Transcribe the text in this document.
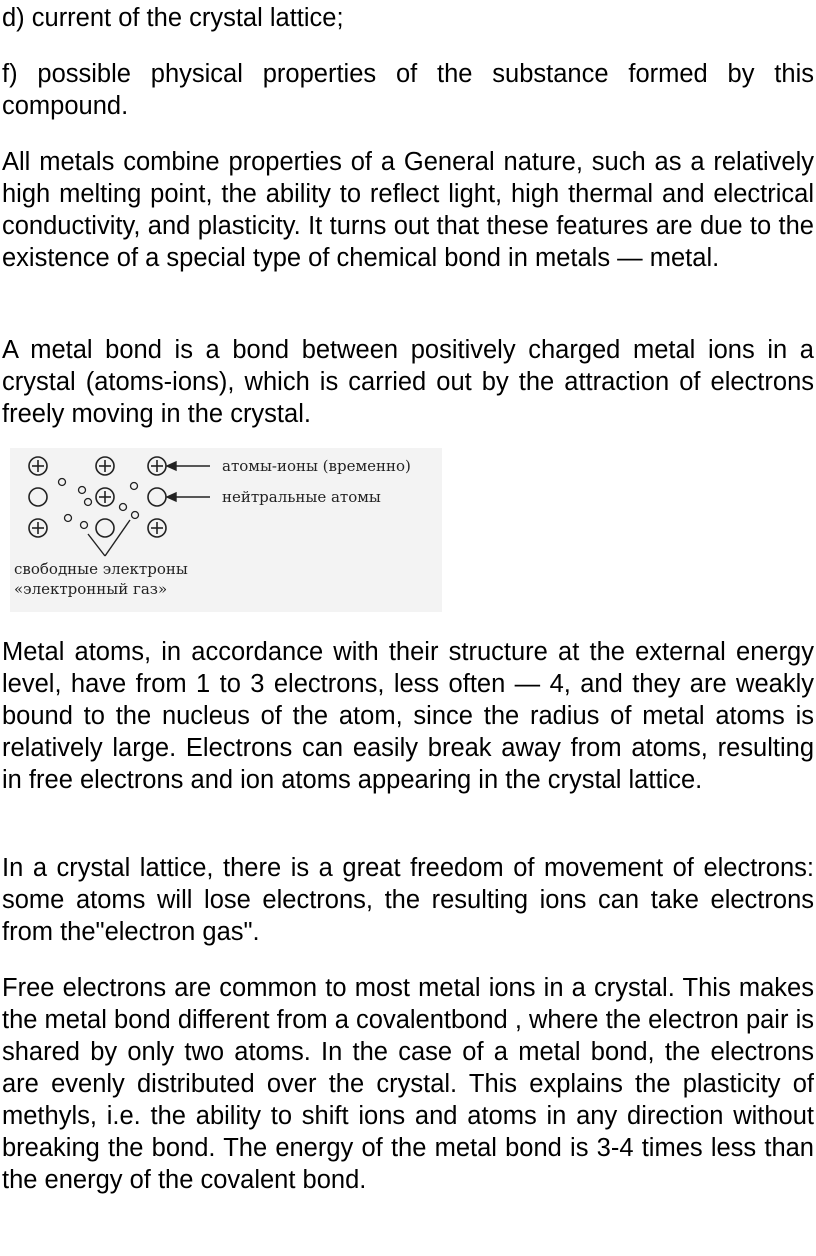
d) current of the crystal lattice;

f) possible physical properties of the substance formed by this compound.

All metals combine properties of a General nature, such as a relatively high melting point, the ability to reflect light, high thermal and electrical conductivity, and plasticity. It turns out that these features are due to the existence of a special type of chemical bond in metals — metal.

A metal bond is a bond between positively charged metal ions in a crystal (atoms-ions), which is carried out by the attraction of electrons freely moving in the crystal.

атомы-ионы (временно)
нейтральные атомы
свободные электроны
«электронный газ»

Metal atoms, in accordance with their structure at the external energy level, have from 1 to 3 electrons, less often — 4, and they are weakly bound to the nucleus of the atom, since the radius of metal atoms is relatively large. Electrons can easily break away from atoms, resulting in free electrons and ion atoms appearing in the crystal lattice.

In a crystal lattice, there is a great freedom of movement of electrons: some atoms will lose electrons, the resulting ions can take electrons from the"electron gas".

Free electrons are common to most metal ions in a crystal. This makes the metal bond different from a covalentbond , where the electron pair is shared by only two atoms. In the case of a metal bond, the electrons are evenly distributed over the crystal. This explains the plasticity of methyls, i.e. the ability to shift ions and atoms in any direction without breaking the bond. The energy of the metal bond is 3-4 times less than the energy of the covalent bond.
